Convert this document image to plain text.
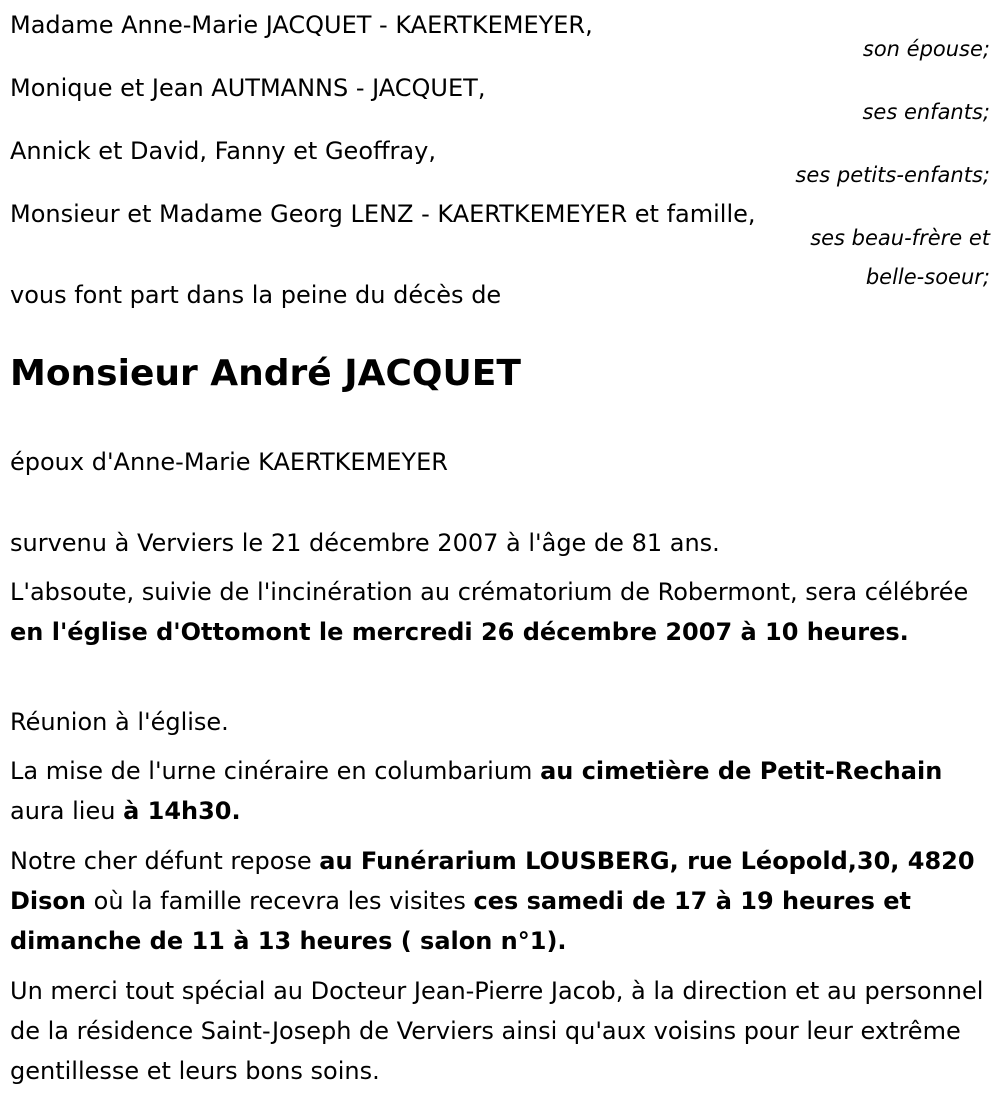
Madame Anne-Marie JACQUET - KAERTKEMEYER,
son épouse;
Monique et Jean AUTMANNS - JACQUET,
ses enfants;
Annick et David, Fanny et Geoffray,
ses petits-enfants;
Monsieur et Madame Georg LENZ - KAERTKEMEYER et famille,
ses beau-frère et
belle-soeur;
vous font part dans la peine du décès de
Monsieur André JACQUET
époux d'Anne-Marie KAERTKEMEYER
survenu à Verviers le 21 décembre 2007 à l'âge de 81 ans.
L'absoute, suivie de l'incinération au crématorium de Robermont, sera célébrée en l'église d'Ottomont le mercredi 26 décembre 2007 à 10 heures.
Réunion à l'église.
La mise de l'urne cinéraire en columbarium au cimetière de Petit-Rechain aura lieu à 14h30.
Notre cher défunt repose au Funérarium LOUSBERG, rue Léopold,30, 4820 Dison où la famille recevra les visites ces samedi de 17 à 19 heures et dimanche de 11 à 13 heures ( salon n°1).
Un merci tout spécial au Docteur Jean-Pierre Jacob, à la direction et au personnel de la résidence Saint-Joseph de Verviers ainsi qu'aux voisins pour leur extrême gentillesse et leurs bons soins.
